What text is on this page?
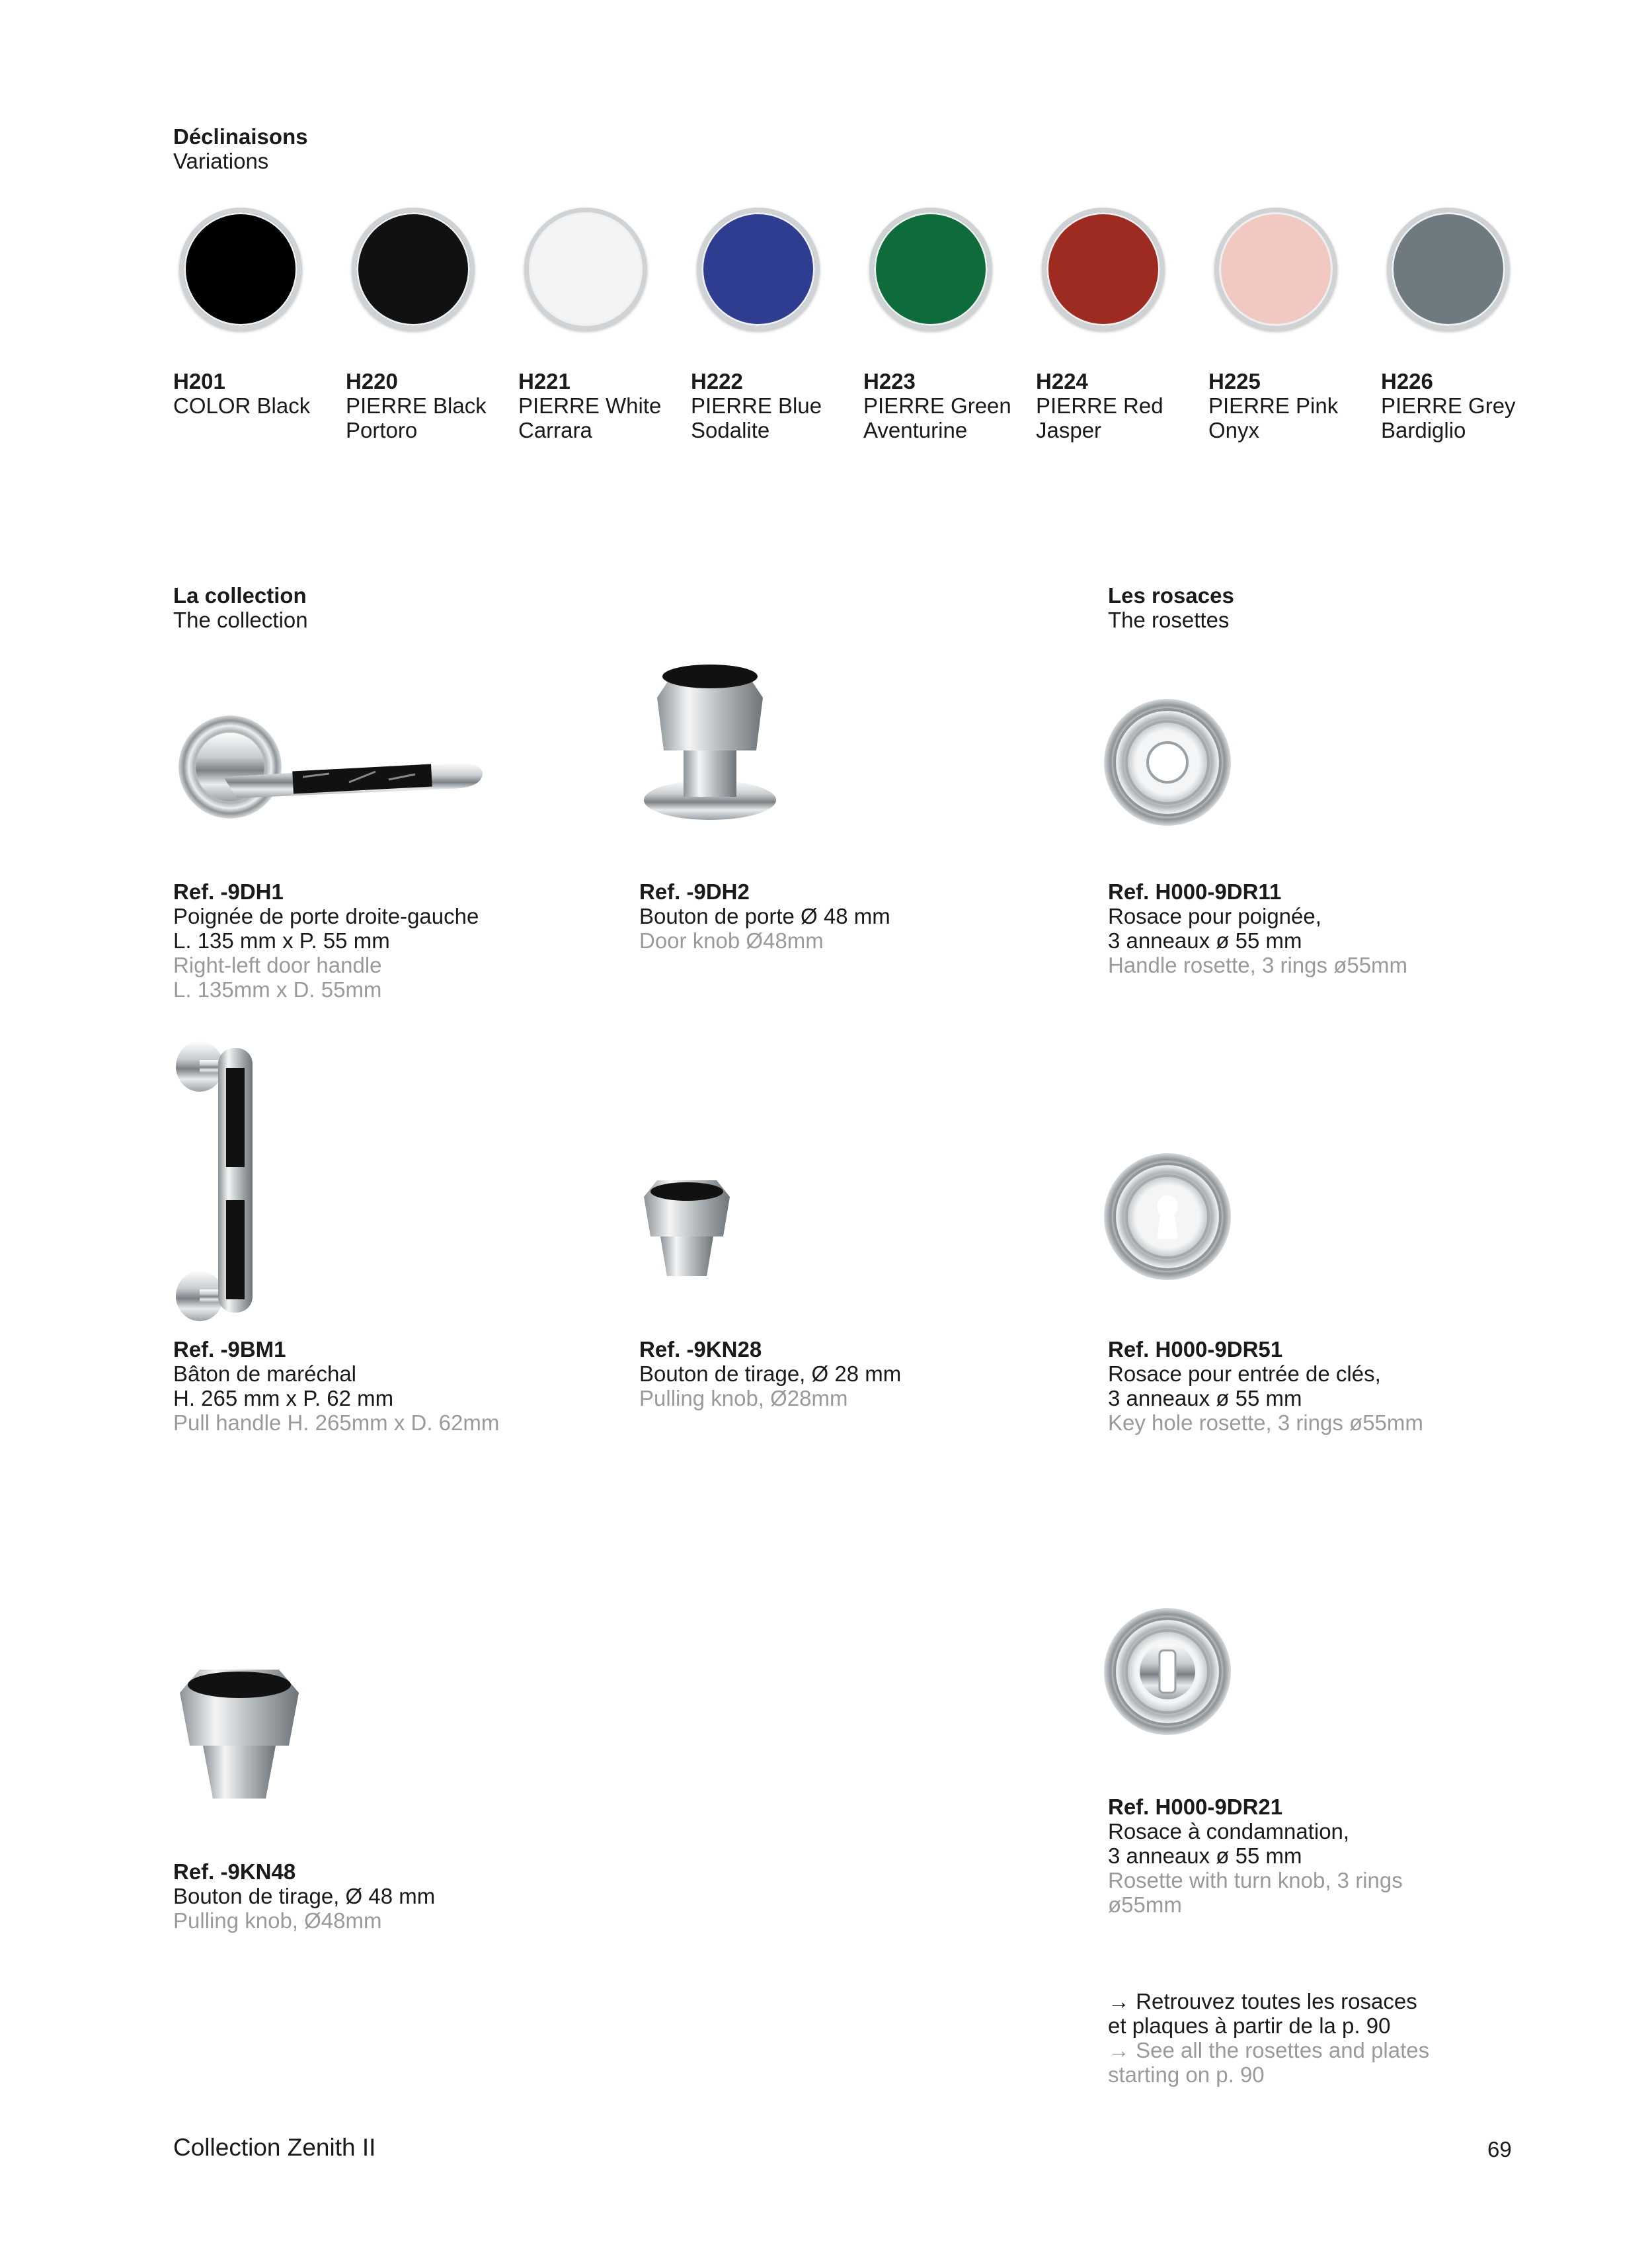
Déclinaisons
Variations
H201
COLOR Black
H220
PIERRE Black
Portoro
H221
PIERRE White
Carrara
H222
PIERRE Blue
Sodalite
H223
PIERRE Green
Aventurine
H224
PIERRE Red
Jasper
H225
PIERRE Pink
Onyx
H226
PIERRE Grey
Bardiglio
La collection
The collection
Les rosaces
The rosettes
Ref. -9DH1
Poignée de porte droite-gauche
L. 135 mm x P. 55 mm
Right-left door handle
L. 135mm x D. 55mm
Ref. -9DH2
Bouton de porte Ø 48 mm
Door knob Ø48mm
Ref. H000-9DR11
Rosace pour poignée,
3 anneaux ø 55 mm
Handle rosette, 3 rings ø55mm
Ref. -9BM1
Bâton de maréchal
H. 265 mm x P. 62 mm
Pull handle H. 265mm x D. 62mm
Ref. -9KN28
Bouton de tirage, Ø 28 mm
Pulling knob, Ø28mm
Ref. H000-9DR51
Rosace pour entrée de clés,
3 anneaux ø 55 mm
Key hole rosette, 3 rings ø55mm
Ref. -9KN48
Bouton de tirage, Ø 48 mm
Pulling knob, Ø48mm
Ref. H000-9DR21
Rosace à condamnation,
3 anneaux ø 55 mm
Rosette with turn knob, 3 rings
ø55mm
→ Retrouvez toutes les rosaces
et plaques à partir de la p. 90
→ See all the rosettes and plates
starting on p. 90
Collection Zenith II	69
